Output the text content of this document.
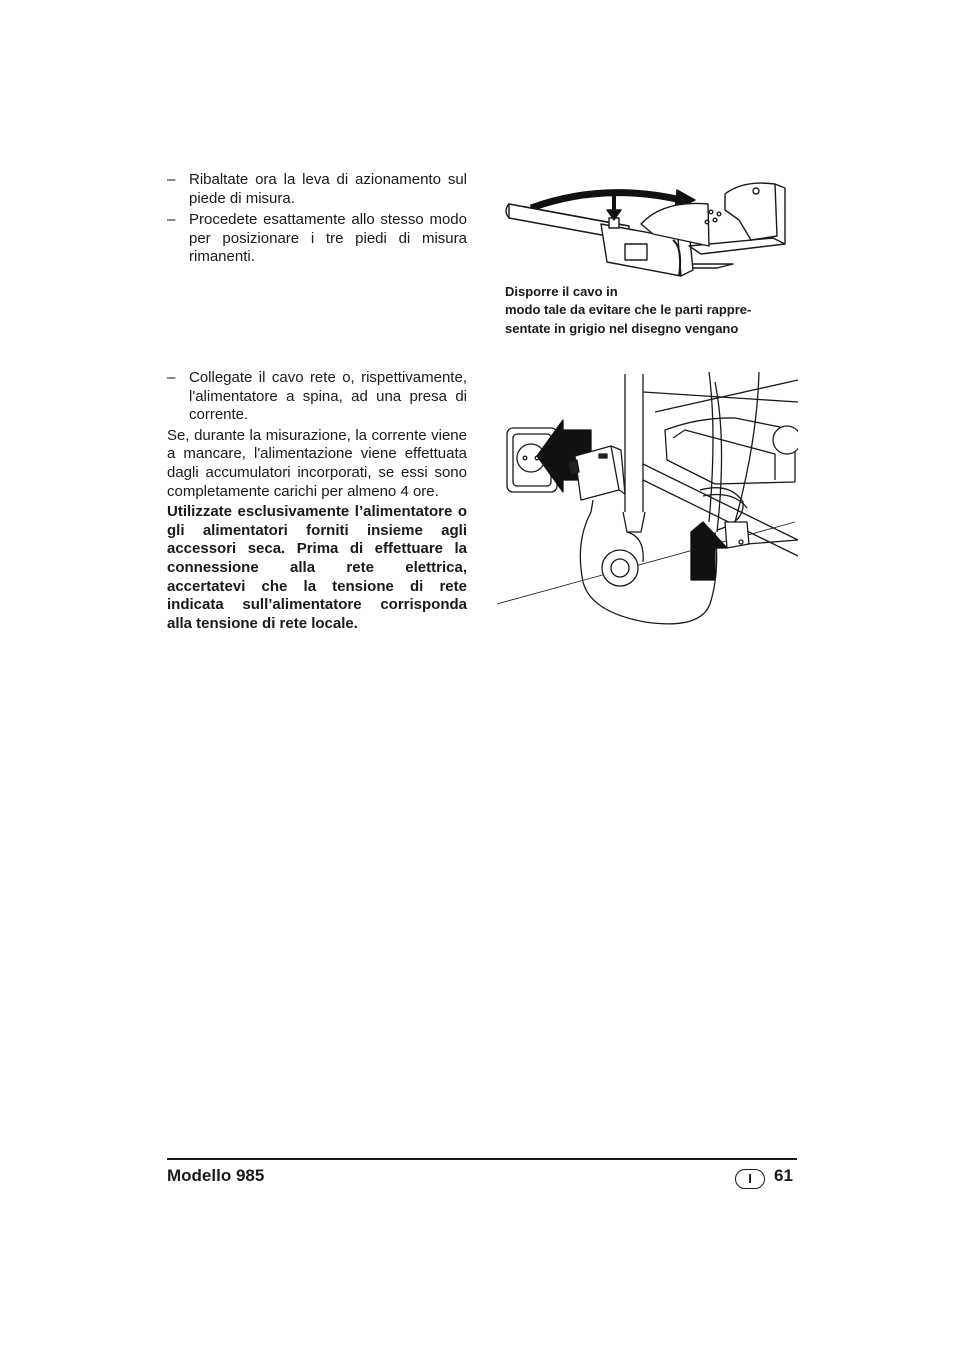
– Ribaltate ora la leva di azionamento sul piede di misura.
– Procedete esattamente allo stesso modo per posizionare i tre piedi di misura rimanenti.
Disporre il cavo in
modo tale da evitare che le parti rappre-
sentate in grigio nel disegno vengano
– Collegate il cavo rete o, rispettivamente, l'alimentatore a spina, ad una presa di corrente.
Se, durante la misurazione, la corrente viene a mancare, l'alimentazione viene effettuata dagli accumulatori incorporati, se essi sono completamente carichi per almeno 4 ore.
Utilizzate esclusivamente l’alimentatore o gli alimentatori forniti insieme agli accessori seca. Prima di effettuare la connessione alla rete elettrica, accertatevi che la tensione di rete indicata sull’alimentatore corrisponda alla tensione di rete locale.
Modello 985	I	61
